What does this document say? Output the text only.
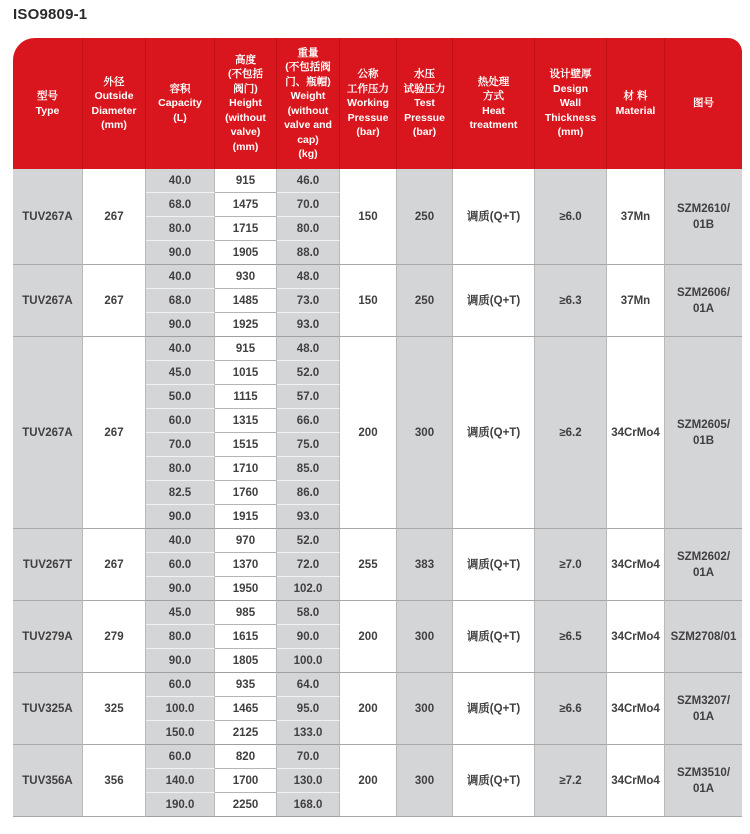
ISO9809-1
型号
Type

外径
Outside
Diameter
(mm)

容积
Capacity
(L)

高度
(不包括
阀门)
Height
(without
valve)
(mm)

重量
(不包括阀
门、瓶帽)
Weight
(without
valve and
cap)
(kg)

公称
工作压力
Working
Pressue
(bar)

水压
试验压力
Test
Pressue
(bar)

热处理
方式
Heat
treatment

设计壁厚
Design
Wall
Thickness
(mm)

材 料
Material

图号

TUV267A	267	40.0	915	46.0	150	250	调质(Q+T)	≥6.0	37Mn	SZM2610/
01B

		68.0	1475	70.0						
		80.0	1715	80.0						
		90.0	1905	88.0						
TUV267A	267	40.0	930	48.0	150	250	调质(Q+T)	≥6.3	37Mn	SZM2606/
01A

		68.0	1485	73.0						
		90.0	1925	93.0						
TUV267A	267	40.0	915	48.0	200	300	调质(Q+T)	≥6.2	34CrMo4	SZM2605/
01B

		45.0	1015	52.0						
		50.0	1115	57.0						
		60.0	1315	66.0						
		70.0	1515	75.0						
		80.0	1710	85.0						
		82.5	1760	86.0						
		90.0	1915	93.0						
TUV267T	267	40.0	970	52.0	255	383	调质(Q+T)	≥7.0	34CrMo4	SZM2602/
01A

		60.0	1370	72.0						
		90.0	1950	102.0						
TUV279A	279	45.0	985	58.0	200	300	调质(Q+T)	≥6.5	34CrMo4	SZM2708/01

		80.0	1615	90.0						
		90.0	1805	100.0						
TUV325A	325	60.0	935	64.0	200	300	调质(Q+T)	≥6.6	34CrMo4	SZM3207/
01A

		100.0	1465	95.0						
		150.0	2125	133.0						
TUV356A	356	60.0	820	70.0	200	300	调质(Q+T)	≥7.2	34CrMo4	SZM3510/
01A

		140.0	1700	130.0						
		190.0	2250	168.0						
